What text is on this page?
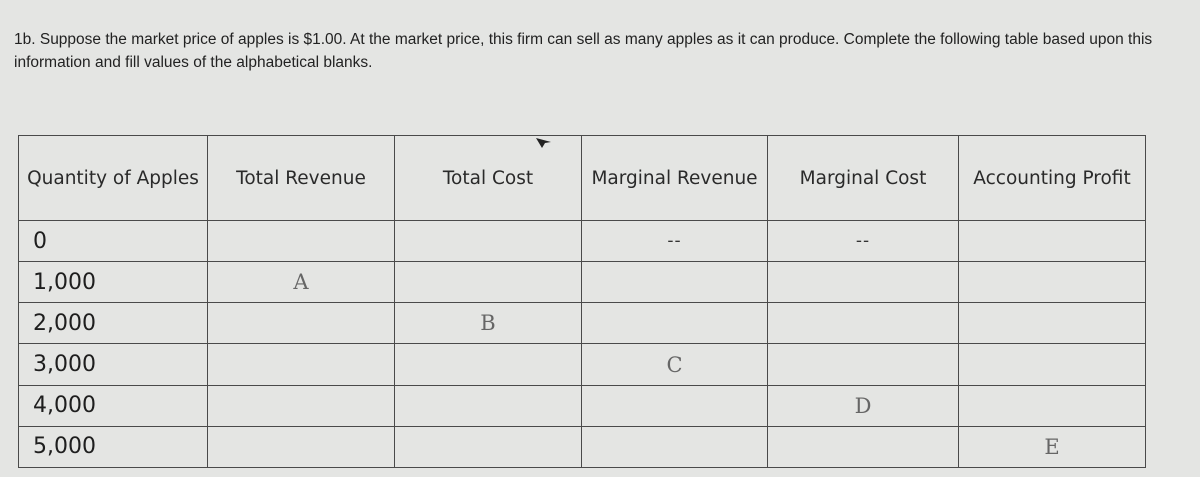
1b. Suppose the market price of apples is $1.00. At the market price, this firm can sell as many apples as it can produce. Complete the following table based upon this information and fill values of the alphabetical blanks.
Quantity of Apples	Total Revenue	Total Cost	Marginal Revenue	Marginal Cost	Accounting Profit
0			--	--	
1,000	A				
2,000		B			
3,000			C		
4,000				D	
5,000					E
